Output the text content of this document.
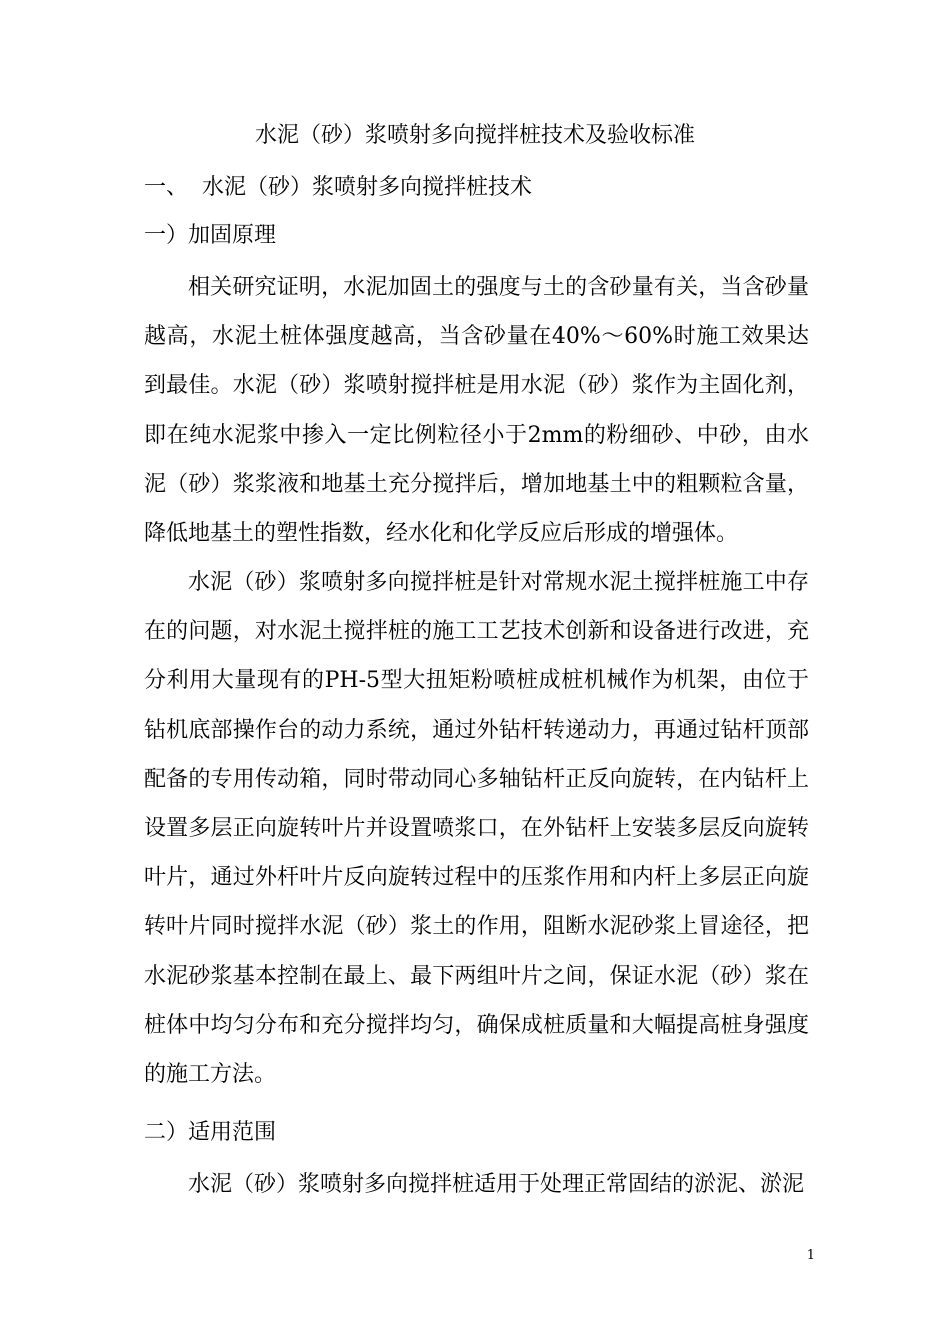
水泥（砂）浆喷射多向搅拌桩技术及验收标准
一、 水泥（砂）浆喷射多向搅拌桩技术
一）加固原理

相关研究证明，水泥加固土的强度与土的含砂量有关，当含砂量越高，水泥土桩体强度越高，当含砂量在40%～60%时施工效果达到最佳。水泥（砂）浆喷射搅拌桩是用水泥（砂）浆作为主固化剂，即在纯水泥浆中掺入一定比例粒径小于2mm的粉细砂、中砂，由水泥（砂）浆浆液和地基土充分搅拌后，增加地基土中的粗颗粒含量，降低地基土的塑性指数，经水化和化学反应后形成的增强体。

水泥（砂）浆喷射多向搅拌桩是针对常规水泥土搅拌桩施工中存在的问题，对水泥土搅拌桩的施工工艺技术创新和设备进行改进，充分利用大量现有的PH-5型大扭矩粉喷桩成桩机械作为机架，由位于钻机底部操作台的动力系统，通过外钻杆转递动力，再通过钻杆顶部配备的专用传动箱，同时带动同心多轴钻杆正反向旋转，在内钻杆上设置多层正向旋转叶片并设置喷浆口，在外钻杆上安装多层反向旋转叶片，通过外杆叶片反向旋转过程中的压浆作用和内杆上多层正向旋转叶片同时搅拌水泥（砂）浆土的作用，阻断水泥砂浆上冒途径，把水泥砂浆基本控制在最上、最下两组叶片之间，保证水泥（砂）浆在桩体中均匀分布和充分搅拌均匀，确保成桩质量和大幅提高桩身强度的施工方法。

二）适用范围

水泥（砂）浆喷射多向搅拌桩适用于处理正常固结的淤泥、淤泥

1
